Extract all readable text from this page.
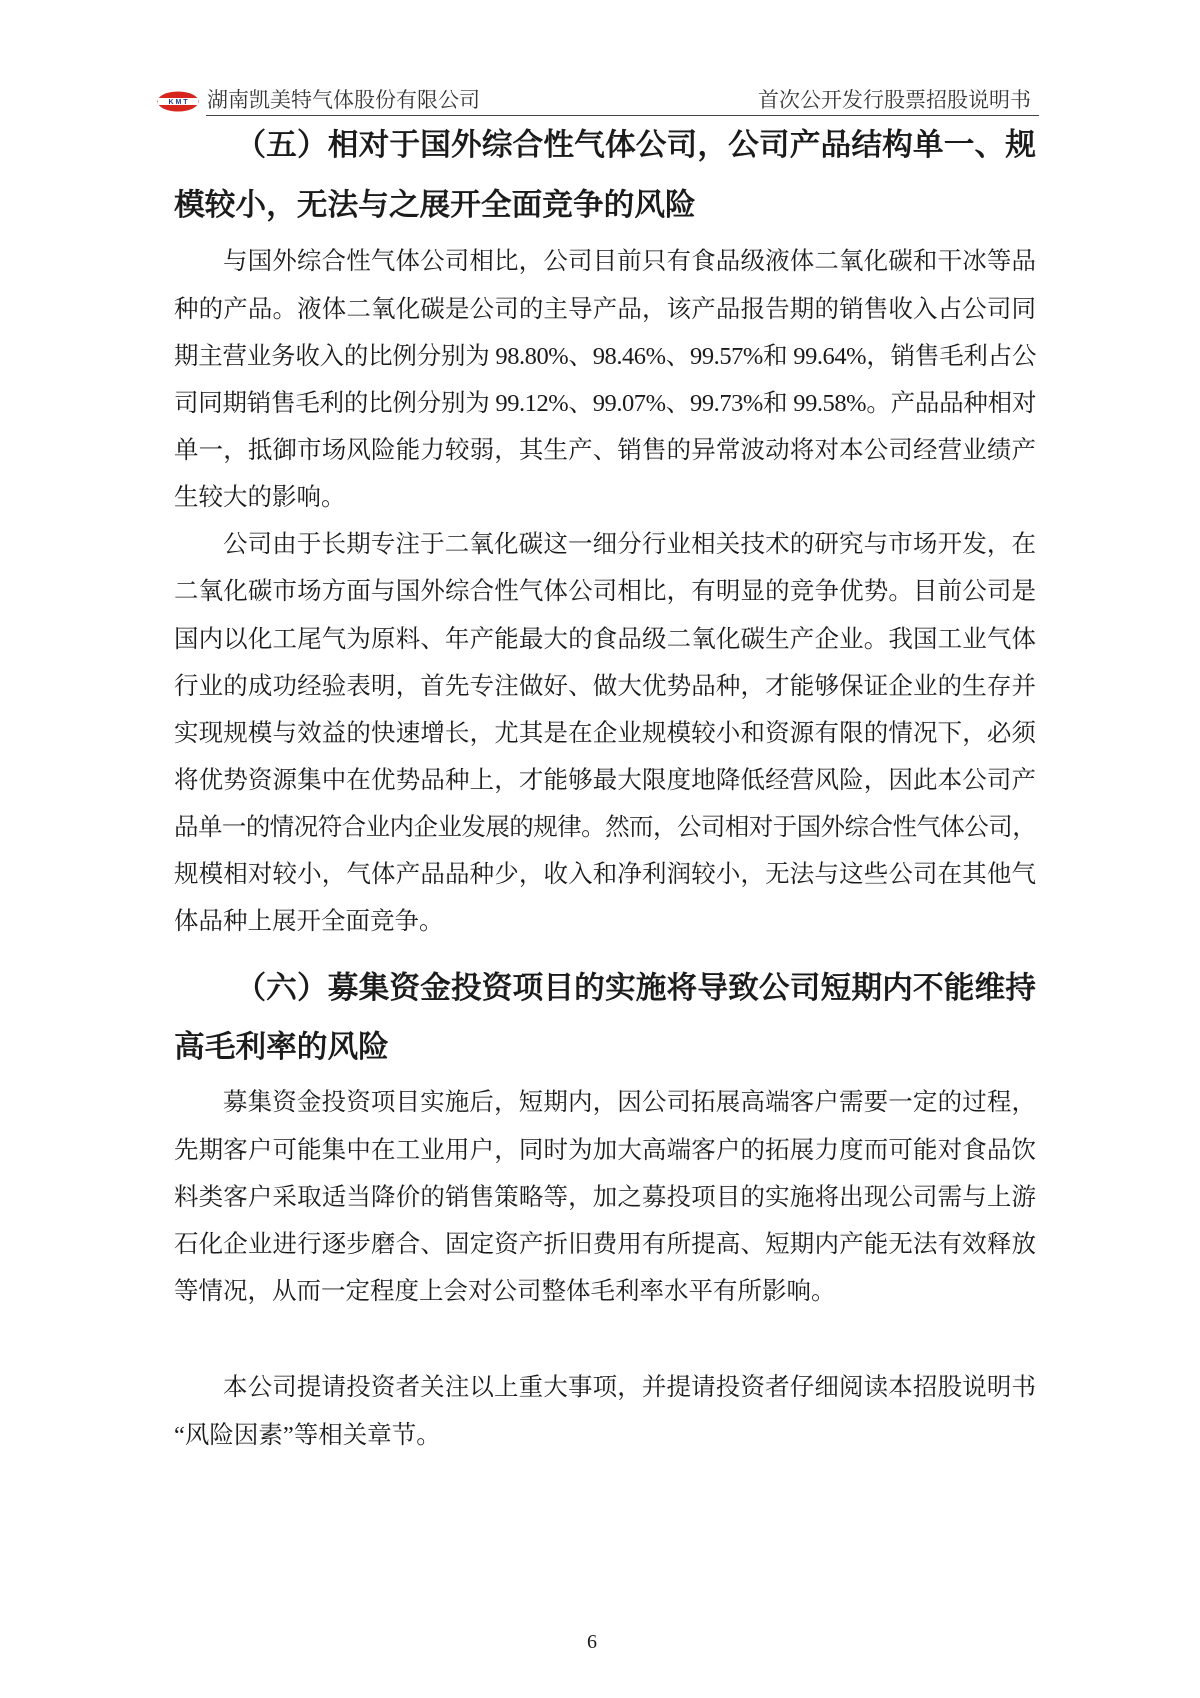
K M T 湖南凯美特气体股份有限公司	首次公开发行股票招股说明书
（五）相对于国外综合性气体公司，公司产品结构单一、规
模较小，无法与之展开全面竞争的风险
与国外综合性气体公司相比，公司目前只有食品级液体二氧化碳和干冰等品
种的产品。液体二氧化碳是公司的主导产品，该产品报告期的销售收入占公司同
期主营业务收入的比例分别为 98.80%、98.46%、99.57%和 99.64%，销售毛利占公
司同期销售毛利的比例分别为 99.12%、99.07%、99.73%和 99.58%。产品品种相对
单一，抵御市场风险能力较弱，其生产、销售的异常波动将对本公司经营业绩产
生较大的影响。
公司由于长期专注于二氧化碳这一细分行业相关技术的研究与市场开发，在
二氧化碳市场方面与国外综合性气体公司相比，有明显的竞争优势。目前公司是
国内以化工尾气为原料、年产能最大的食品级二氧化碳生产企业。我国工业气体
行业的成功经验表明，首先专注做好、做大优势品种，才能够保证企业的生存并
实现规模与效益的快速增长，尤其是在企业规模较小和资源有限的情况下，必须
将优势资源集中在优势品种上，才能够最大限度地降低经营风险，因此本公司产
品单一的情况符合业内企业发展的规律。然而，公司相对于国外综合性气体公司，
规模相对较小，气体产品品种少，收入和净利润较小，无法与这些公司在其他气
体品种上展开全面竞争。
（六）募集资金投资项目的实施将导致公司短期内不能维持
高毛利率的风险
募集资金投资项目实施后，短期内，因公司拓展高端客户需要一定的过程，
先期客户可能集中在工业用户，同时为加大高端客户的拓展力度而可能对食品饮
料类客户采取适当降价的销售策略等，加之募投项目的实施将出现公司需与上游
石化企业进行逐步磨合、固定资产折旧费用有所提高、短期内产能无法有效释放
等情况，从而一定程度上会对公司整体毛利率水平有所影响。
本公司提请投资者关注以上重大事项，并提请投资者仔细阅读本招股说明书
“风险因素”等相关章节。
6
